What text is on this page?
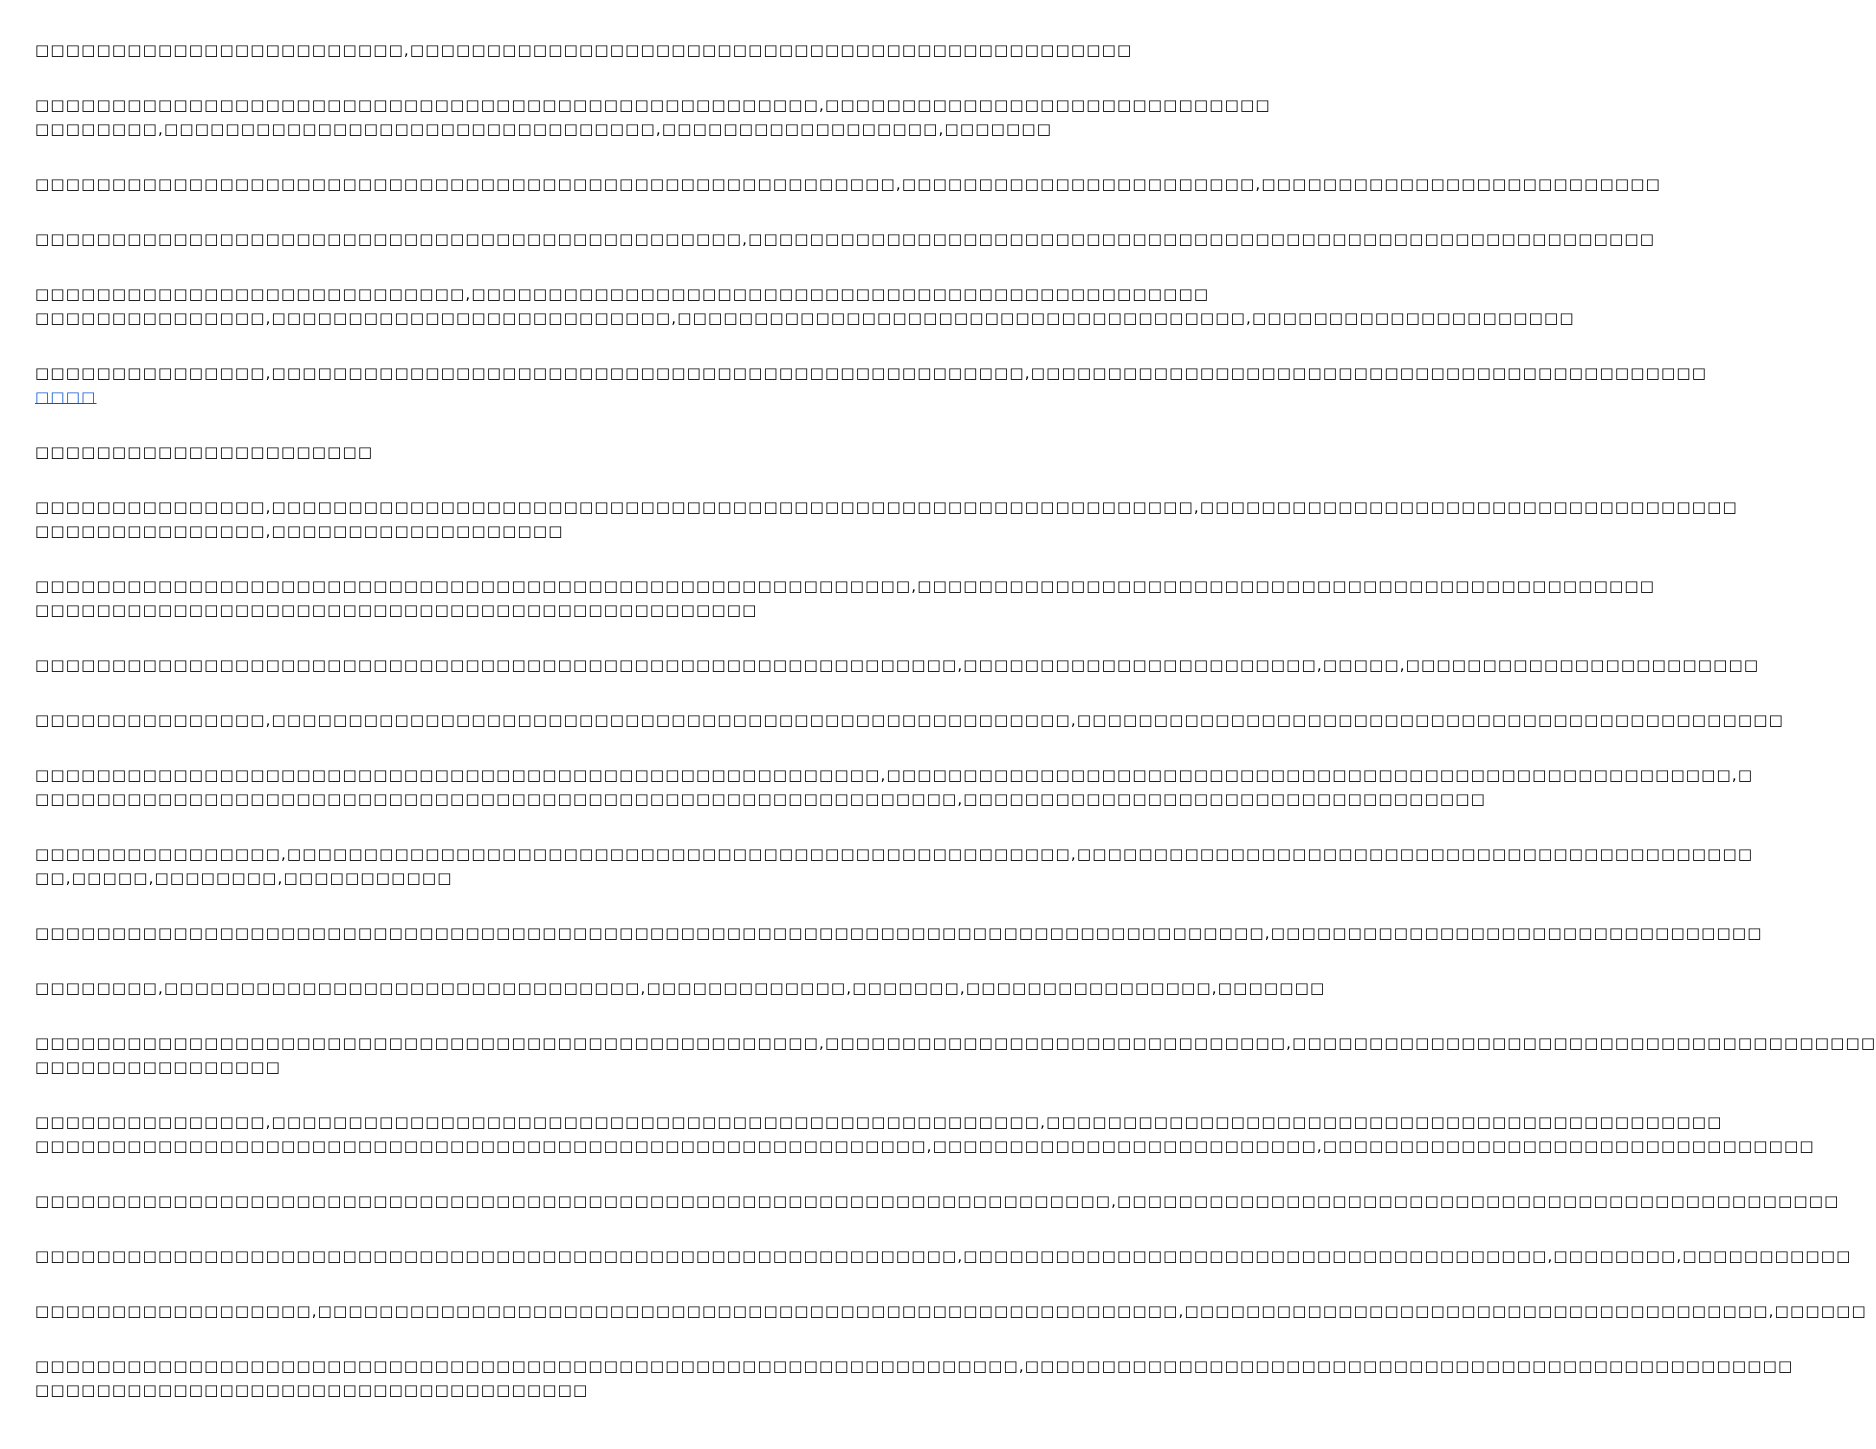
□□□□□□□□□□□□□□□□□□□□□□□□,□□□□□□□□□□□□□□□□□□□□□□□□□□□□□□□□□□□□□□□□□□□□□□□

□□□□□□□□□□□□□□□□□□□□□□□□□□□□□□□□□□□□□□□□□□□□□□□□□□□,□□□□□□□□□□□□□□□□□□□□□□□□□□□□□
□□□□□□□□,□□□□□□□□□□□□□□□□□□□□□□□□□□□□□□□□,□□□□□□□□□□□□□□□□□□,□□□□□□□

□□□□□□□□□□□□□□□□□□□□□□□□□□□□□□□□□□□□□□□□□□□□□□□□□□□□□□□□,□□□□□□□□□□□□□□□□□□□□□□□,□□□□□□□□□□□□□□□□□□□□□□□□□□

□□□□□□□□□□□□□□□□□□□□□□□□□□□□□□□□□□□□□□□□□□□□□□,□□□□□□□□□□□□□□□□□□□□□□□□□□□□□□□□□□□□□□□□□□□□□□□□□□□□□□□□□□□

□□□□□□□□□□□□□□□□□□□□□□□□□□□□,□□□□□□□□□□□□□□□□□□□□□□□□□□□□□□□□□□□□□□□□□□□□□□□□
□□□□□□□□□□□□□□□,□□□□□□□□□□□□□□□□□□□□□□□□□□,□□□□□□□□□□□□□□□□□□□□□□□□□□□□□□□□□□□□□,□□□□□□□□□□□□□□□□□□□□□

□□□□□□□□□□□□□□□,□□□□□□□□□□□□□□□□□□□□□□□□□□□□□□□□□□□□□□□□□□□□□□□□□,□□□□□□□□□□□□□□□□□□□□□□□□□□□□□□□□□□□□□□□□□□□□
□□□□

□□□□□□□□□□□□□□□□□□□□□□

□□□□□□□□□□□□□□□,□□□□□□□□□□□□□□□□□□□□□□□□□□□□□□□□□□□□□□□□□□□□□□□□□□□□□□□□□□□□,□□□□□□□□□□□□□□□□□□□□□□□□□□□□□□□□□□□
□□□□□□□□□□□□□□□,□□□□□□□□□□□□□□□□□□□

□□□□□□□□□□□□□□□□□□□□□□□□□□□□□□□□□□□□□□□□□□□□□□□□□□□□□□□□□,□□□□□□□□□□□□□□□□□□□□□□□□□□□□□□□□□□□□□□□□□□□□□□□□
□□□□□□□□□□□□□□□□□□□□□□□□□□□□□□□□□□□□□□□□□□□□□□□

□□□□□□□□□□□□□□□□□□□□□□□□□□□□□□□□□□□□□□□□□□□□□□□□□□□□□□□□□□□□,□□□□□□□□□□□□□□□□□□□□□□□,□□□□□,□□□□□□□□□□□□□□□□□□□□□□□

□□□□□□□□□□□□□□□,□□□□□□□□□□□□□□□□□□□□□□□□□□□□□□□□□□□□□□□□□□□□□□□□□□□□,□□□□□□□□□□□□□□□□□□□□□□□□□□□□□□□□□□□□□□□□□□□□□□

□□□□□□□□□□□□□□□□□□□□□□□□□□□□□□□□□□□□□□□□□□□□□□□□□□□□□□□,□□□□□□□□□□□□□□□□□□□□□□□□□□□□□□□□□□□□□□□□□□□□□□□□□□□□□□□,□
□□□□□□□□□□□□□□□□□□□□□□□□□□□□□□□□□□□□□□□□□□□□□□□□□□□□□□□□□□□□,□□□□□□□□□□□□□□□□□□□□□□□□□□□□□□□□□□

□□□□□□□□□□□□□□□□,□□□□□□□□□□□□□□□□□□□□□□□□□□□□□□□□□□□□□□□□□□□□□□□□□□□,□□□□□□□□□□□□□□□□□□□□□□□□□□□□□□□□□□□□□□□□□□□□
□□,□□□□□,□□□□□□□□,□□□□□□□□□□□

□□□□□□□□□□□□□□□□□□□□□□□□□□□□□□□□□□□□□□□□□□□□□□□□□□□□□□□□□□□□□□□□□□□□□□□□□□□□□□□□,□□□□□□□□□□□□□□□□□□□□□□□□□□□□□□□□

□□□□□□□□,□□□□□□□□□□□□□□□□□□□□□□□□□□□□□□□,□□□□□□□□□□□□□,□□□□□□□,□□□□□□□□□□□□□□□□,□□□□□□□

□□□□□□□□□□□□□□□□□□□□□□□□□□□□□□□□□□□□□□□□□□□□□□□□□□□,□□□□□□□□□□□□□□□□□□□□□□□□□□□□□□,□□□□□□□□□□□□□□□□□□□□□□□□□□□□□□□□□□□□□□
□□□□□□□□□□□□□□□□

□□□□□□□□□□□□□□□,□□□□□□□□□□□□□□□□□□□□□□□□□□□□□□□□□□□□□□□□□□□□□□□□□□,□□□□□□□□□□□□□□□□□□□□□□□□□□□□□□□□□□□□□□□□□□□□
□□□□□□□□□□□□□□□□□□□□□□□□□□□□□□□□□□□□□□□□□□□□□□□□□□□□□□□□□□,□□□□□□□□□□□□□□□□□□□□□□□□□,□□□□□□□□□□□□□□□□□□□□□□□□□□□□□□□□

□□□□□□□□□□□□□□□□□□□□□□□□□□□□□□□□□□□□□□□□□□□□□□□□□□□□□□□□□□□□□□□□□□□□□□,□□□□□□□□□□□□□□□□□□□□□□□□□□□□□□□□□□□□□□□□□□□□□□□

□□□□□□□□□□□□□□□□□□□□□□□□□□□□□□□□□□□□□□□□□□□□□□□□□□□□□□□□□□□□,□□□□□□□□□□□□□□□□□□□□□□□□□□□□□□□□□□□□□□,□□□□□□□□,□□□□□□□□□□□

□□□□□□□□□□□□□□□□□□,□□□□□□□□□□□□□□□□□□□□□□□□□□□□□□□□□□□□□□□□□□□□□□□□□□□□□□□□,□□□□□□□□□□□□□□□□□□□□□□□□□□□□□□□□□□□□□□,□□□□□□

□□□□□□□□□□□□□□□□□□□□□□□□□□□□□□□□□□□□□□□□□□□□□□□□□□□□□□□□□□□□□□□□,□□□□□□□□□□□□□□□□□□□□□□□□□□□□□□□□□□□□□□□□□□□□□□□□□□
□□□□□□□□□□□□□□□□□□□□□□□□□□□□□□□□□□□□
